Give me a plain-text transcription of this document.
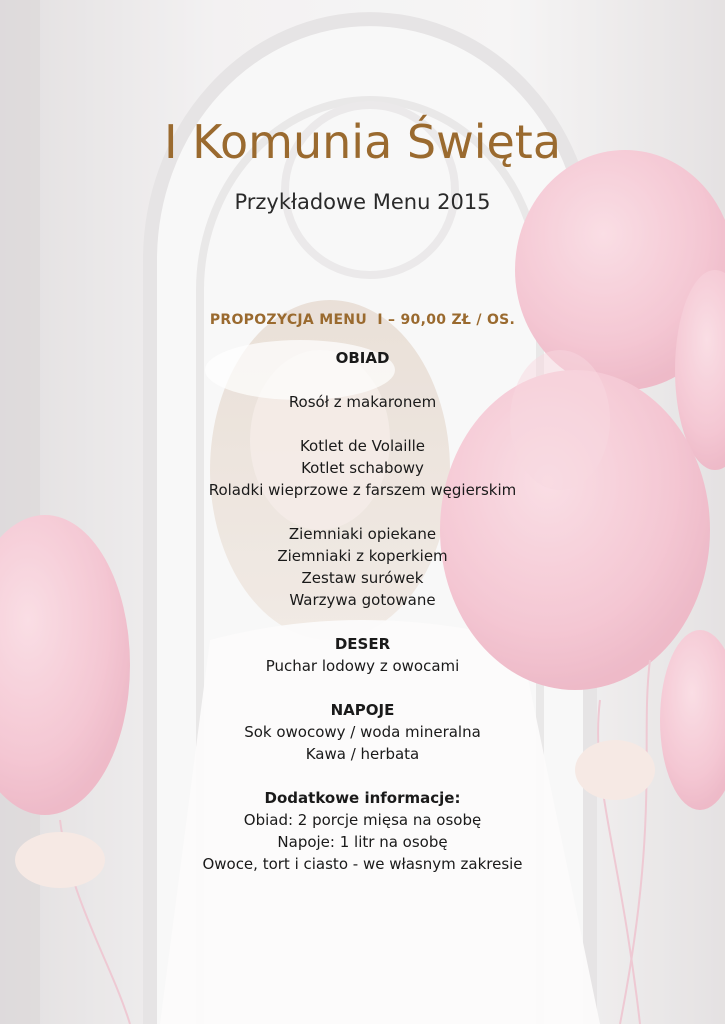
I Komunia Święta
Przykładowe Menu 2015
PROPOZYCJA MENU  I – 90,00 ZŁ / OS.
OBIAD
Rosół z makaronem
Kotlet de Volaille
Kotlet schabowy
Roladki wieprzowe z farszem węgierskim
Ziemniaki opiekane
Ziemniaki z koperkiem
Zestaw surówek
Warzywa gotowane
DESER
Puchar lodowy z owocami
NAPOJE
Sok owocowy / woda mineralna
Kawa / herbata
Dodatkowe informacje:
Obiad: 2 porcje mięsa na osobę
Napoje: 1 litr na osobę
Owoce, tort i ciasto - we własnym zakresie
